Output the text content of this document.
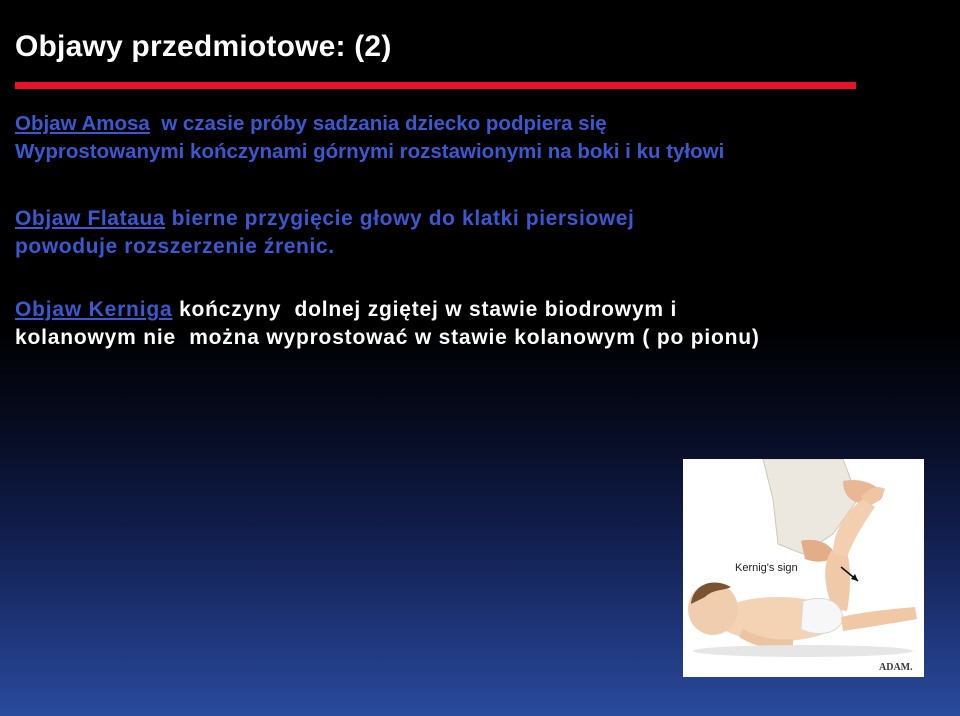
Objawy przedmiotowe: (2)
Objaw Amosa  w czasie próby sadzania dziecko podpiera się
Wyprostowanymi kończynami górnymi rozstawionymi na boki i ku tyłowi
Objaw Flataua bierne przygięcie głowy do klatki piersiowej
powoduje rozszerzenie źrenic.
Objaw Kerniga kończyny  dolnej zgiętej w stawie biodrowym i
kolanowym nie  można wyprostować w stawie kolanowym ( po pionu)
Kernig's sign
ADAM.
